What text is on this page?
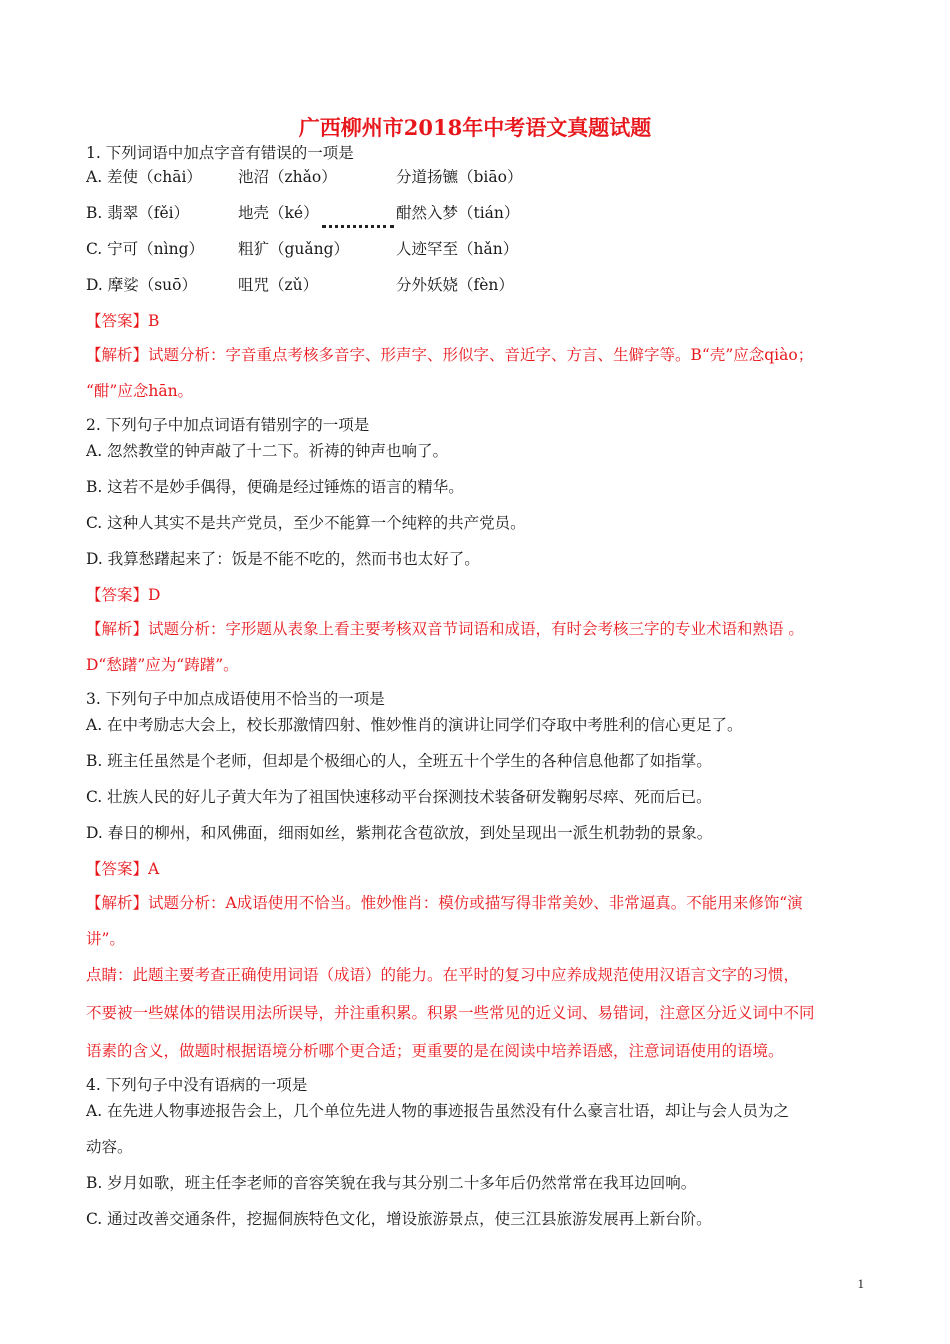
广西柳州市2018年中考语文真题试题
1. 下列词语中加点字音有错误的一项是
A. 差使（chāi） 池沼（zhǎo）	分道扬镳（biāo）
B. 翡翠（fěi）	地壳（ké）	酣然入梦（tián）
C. 宁可（nìng） 粗犷（guǎng）	人迹罕至（hǎn）
D. 摩娑（suō）	咀咒（zǔ）	分外妖娆（fèn）
【答案】B
【解析】试题分析：字音重点考核多音字、形声字、形似字、音近字、方言、生僻字等。B“壳”应念qiào；
“酣”应念hān。
2. 下列句子中加点词语有错别字的一项是
A. 忽然教堂的钟声敲了十二下。祈祷的钟声也响了。
B. 这若不是妙手偶得，便确是经过锤炼的语言的精华。
C. 这种人其实不是共产党员，至少不能算一个纯粹的共产党员。
D. 我算愁躇起来了：饭是不能不吃的，然而书也太好了。
【答案】D
【解析】试题分析：字形题从表象上看主要考核双音节词语和成语，有时会考核三字的专业术语和熟语 。
D“愁躇”应为“踌躇”。
3. 下列句子中加点成语使用不恰当的一项是
A. 在中考励志大会上，校长那激情四射、惟妙惟肖的演讲让同学们夺取中考胜利的信心更足了。
B. 班主任虽然是个老师，但却是个极细心的人，全班五十个学生的各种信息他都了如指掌。
C. 壮族人民的好儿子黄大年为了祖国快速移动平台探测技术装备研发鞠躬尽瘁、死而后已。
D. 春日的柳州，和风佛面，细雨如丝，紫荆花含苞欲放，到处呈现出一派生机勃勃的景象。
【答案】A
【解析】试题分析：A成语使用不恰当。惟妙惟肖：模仿或描写得非常美妙、非常逼真。不能用来修饰“演
讲”。
点睛：此题主要考查正确使用词语（成语）的能力。在平时的复习中应养成规范使用汉语言文字的习惯，
不要被一些媒体的错误用法所误导，并注重积累。积累一些常见的近义词、易错词，注意区分近义词中不同
语素的含义，做题时根据语境分析哪个更合适；更重要的是在阅读中培养语感，注意词语使用的语境。
4. 下列句子中没有语病的一项是
A. 在先进人物事迹报告会上，几个单位先进人物的事迹报告虽然没有什么豪言壮语，却让与会人员为之
动容。
B. 岁月如歌，班主任李老师的音容笑貌在我与其分别二十多年后仍然常常在我耳边回响。
C. 通过改善交通条件，挖掘侗族特色文化，增设旅游景点，使三江县旅游发展再上新台阶。
1
